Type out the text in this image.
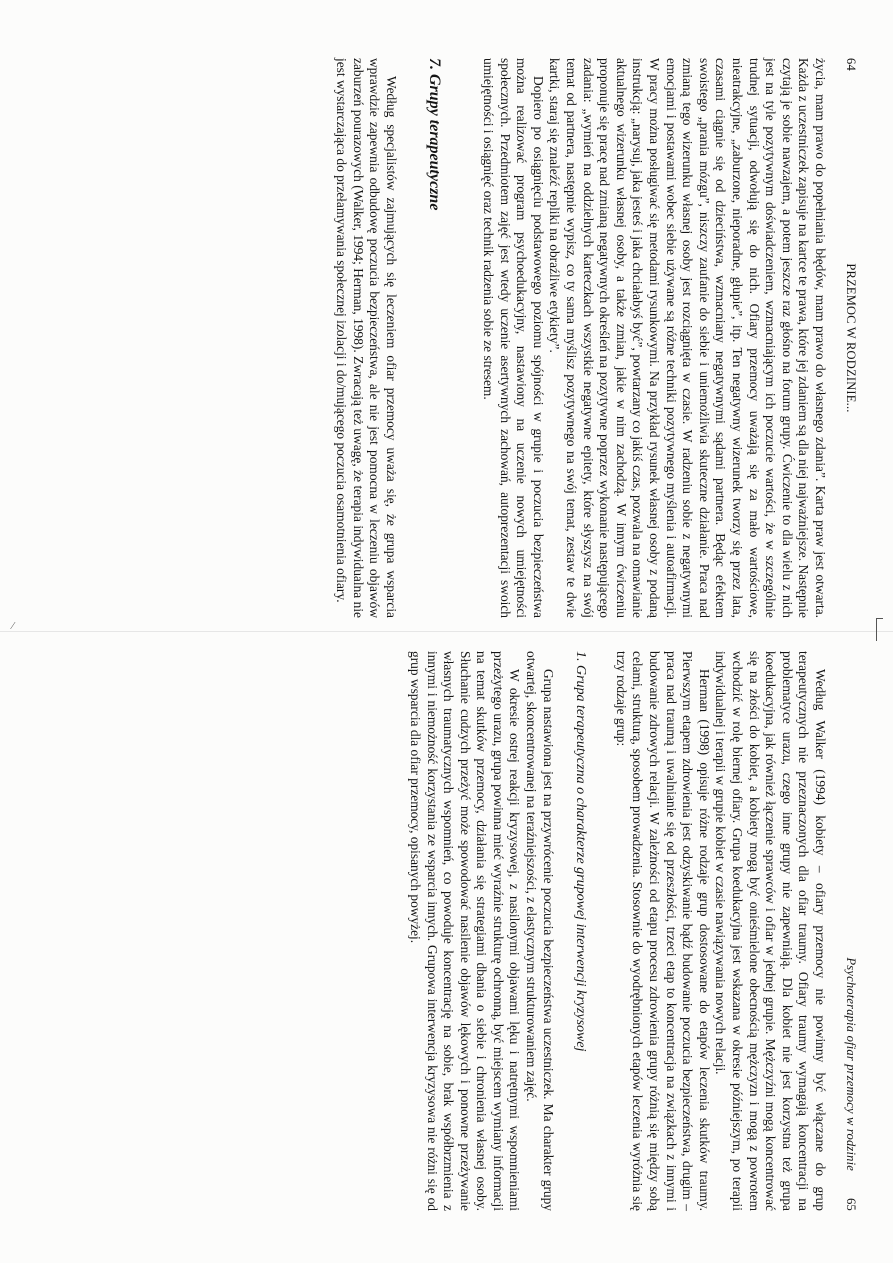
⁄
64
PRZEMOC W RODZINIE...

życia, mam prawo do popełniania błędów, mam prawo do własnego zdania”. Karta praw jest otwarta. Każda z uczestniczek zapisuje na kartce te prawa, które jej zdaniem są dla niej najważniejsze. Następnie czytają je sobie nawzajem, a potem jeszcze raz głośno na forum grupy. Ćwiczenie to dla wielu z nich jest na tyle pozytywnym doświadczeniem, wzmacniającym ich poczucie wartości, że w szczególnie trudnej sytuacji, odwołują się do nich. Ofiary przemocy uważają się za mało wartościowe, nieatrakcyjne, „zaburzone, nieporadne, głupie”, itp. Ten negatywny wizerunek tworzy się przez lata, czasami ciągnie się od dzieciństwa, wzmacniany negatywnymi sądami partnera. Będąc efektem swoistego „prania mózgu”, niszczy zaufanie do siebie i uniemożliwia skuteczne działanie. Praca nad zmianą tego wizerunku własnej osoby jest rozciągnięta w czasie. W radzeniu sobie z negatywnymi emocjami i postawami wobec siebie używane są różne techniki pozytywnego myślenia i autoafirmacji. W pracy można posługiwać się metodami rysunkowymi. Na przykład rysunek własnej osoby z podaną instrukcją: „narysuj, jaka jesteś i jaka chciałabyś być”, powtarzany co jakiś czas, pozwala na omawianie aktualnego wizerunku własnej osoby, a także zmian, jakie w nim zachodzą. W innym ćwiczeniu proponuje się pracę nad zmianą negatywnych określeń na pozytywne poprzez wykonanie następującego zadania: „wymień na oddzielnych karteczkach wszystkie negatywne epitety, które słyszysz na swój temat od partnera, następnie wypisz, co ty sama myślisz pozytywnego na swój temat, zestaw te dwie kartki, staraj się znaleźć repliki na obraźliwe etykiety”.

Dopiero po osiągnięciu podstawowego poziomu spójności w grupie i poczucia bezpieczeństwa można realizować program psychoedukacyjny, nastawiony na uczenie nowych umiejętności społecznych. Przedmiotem zajęć jest wtedy uczenie asertywnych zachowań, autoprezentacji swoich umiejętności i osiągnięć oraz technik radzenia sobie ze stresem.

7. Grupy terapeutyczne

Według specjalistów zajmujących się leczeniem ofiar przemocy uważa się, że grupa wsparcia wprawdzie zapewnia odbudowę poczucia bezpieczeństwa, ale nie jest pomocna w leczeniu objawów zaburzeń pourazowych (Walker, 1994; Herman, 1998). Zwracają też uwagę, że terapia indywidualna nie jest wystarczająca do przełamywania społecznej izolacji i do/mującego poczucia osamotnienia ofiary.

Psychoterapia ofiar przemocy w rodzinie
65

Według Walker (1994) kobiety – ofiary przemocy nie powinny być włączane do grup terapeutycznych nie przeznaczonych dla ofiar traumy. Ofiary traumy wymagają koncentracji na problematyce urazu, czego inne grupy nie zapewniają. Dla kobiet nie jest korzystna też grupa koedukacyjna, jak również łączenie sprawców i ofiar w jednej grupie. Mężczyźni mogą koncentrować się na złości do kobiet, a kobiety mogą być onieśmielone obecnością mężczyzn i mogą z powrotem wchodzić w rolę biernej ofiary. Grupa koedukacyjna jest wskazana w okresie późniejszym, po terapii indywidualnej i terapii w grupie kobiet w czasie nawiązywania nowych relacji.

Herman (1998) opisuje różne rodzaje grup dostosowane do etapów leczenia skutków traumy. Pierwszym etapem zdrowienia jest odzyskiwanie bądź budowanie poczucia bezpieczeństwa, drugim – praca nad traumą i uwalnianie się od przeszłości, trzeci etap to koncentracja na związkach z innymi i budowanie zdrowych relacji. W zależności od etapu procesu zdrowienia grupy różnią się między sobą celami, strukturą, sposobem prowadzenia. Stosownie do wyodrębnionych etapów leczenia wyróżnia się trzy rodzaje grup:

1. Grupa terapeutyczna o charakterze grupowej interwencji kryzysowej

Grupa nastawiona jest na przywrócenie poczucia bezpieczeństwa uczestniczek. Ma charakter grupy otwartej, skoncentrowanej na teraźniejszości, z elastycznym strukturowaniem zajęć.

W okresie ostrej reakcji kryzysowej, z nasilonymi objawami lęku i natrętnymi wspomnieniami przeżytego urazu, grupa powinna mieć wyraźnie strukturę ochronną, być miejscem wymiany informacji na temat skutków przemocy, działania się strategiami dbania o siebie i chronienia własnej osoby. Słuchanie cudzych przeżyć może spowodować nasilenie objawów lękowych i ponowne przeżywanie własnych traumatycznych wspomnień, co powoduje koncentrację na sobie, brak współbrzmienia z innymi i niemożność korzystania ze wsparcia innych. Grupowa interwencja kryzysowa nie różni się od grup wsparcia dla ofiar przemocy, opisanych powyżej.
